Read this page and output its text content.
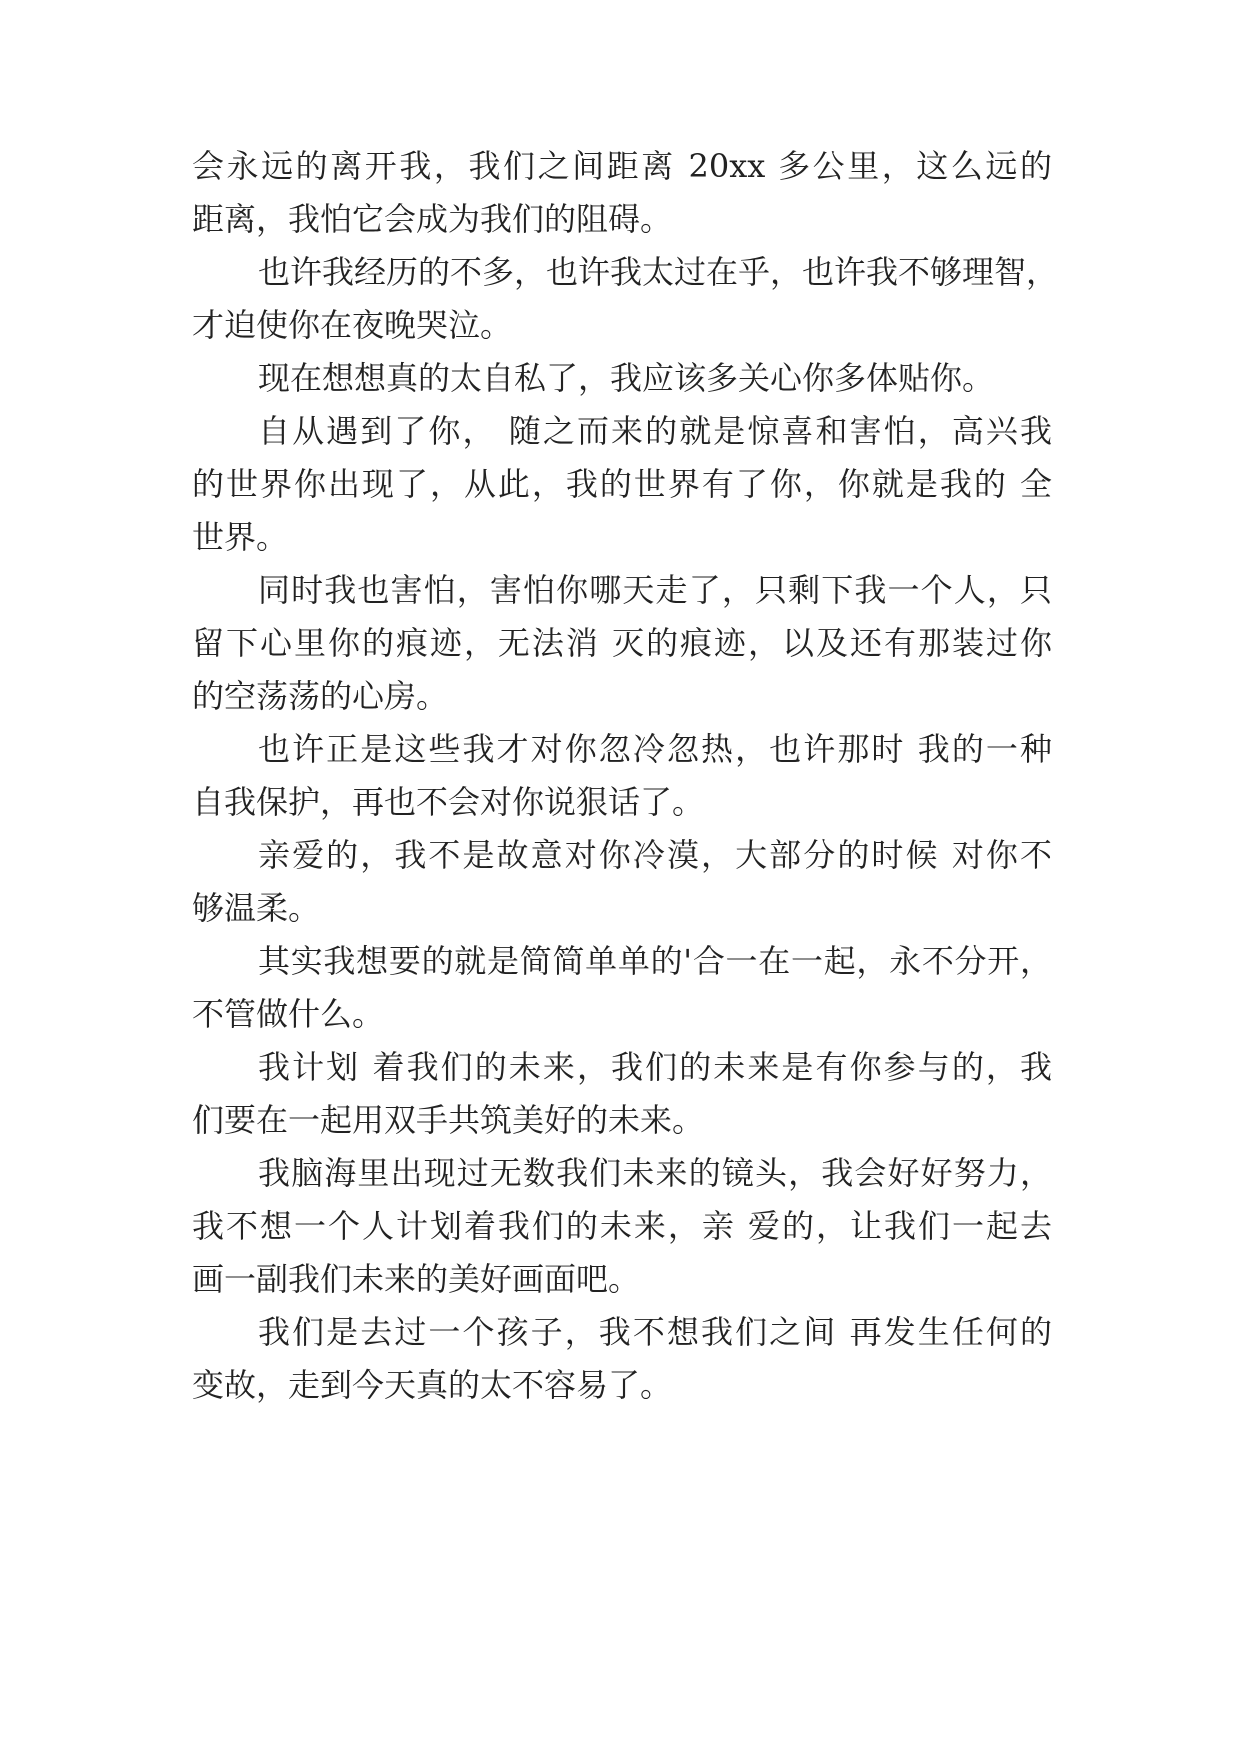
会永远的离开我，我们之间距离 20xx 多公里，这么远的
距离，我怕它会成为我们的阻碍。
也许我经历的不多，也许我太过在乎，也许我不够理智，
才迫使你在夜晚哭泣。
现在想想真的太自私了，我应该多关心你多体贴你。
自从遇到了你， 随之而来的就是惊喜和害怕，高兴我
的世界你出现了，从此，我的世界有了你，你就是我的 全
世界。
同时我也害怕，害怕你哪天走了，只剩下我一个人，只
留下心里你的痕迹，无法消 灭的痕迹，以及还有那装过你
的空荡荡的心房。
也许正是这些我才对你忽冷忽热，也许那时 我的一种
自我保护，再也不会对你说狠话了。
亲爱的，我不是故意对你冷漠，大部分的时候 对你不
够温柔。
其实我想要的就是简简单单的'合一在一起，永不分开，
不管做什么。
我计划 着我们的未来，我们的未来是有你参与的，我
们要在一起用双手共筑美好的未来。
我脑海里出现过无数我们未来的镜头，我会好好努力，
我不想一个人计划着我们的未来，亲 爱的，让我们一起去
画一副我们未来的美好画面吧。
我们是去过一个孩子，我不想我们之间 再发生任何的
变故，走到今天真的太不容易了。
